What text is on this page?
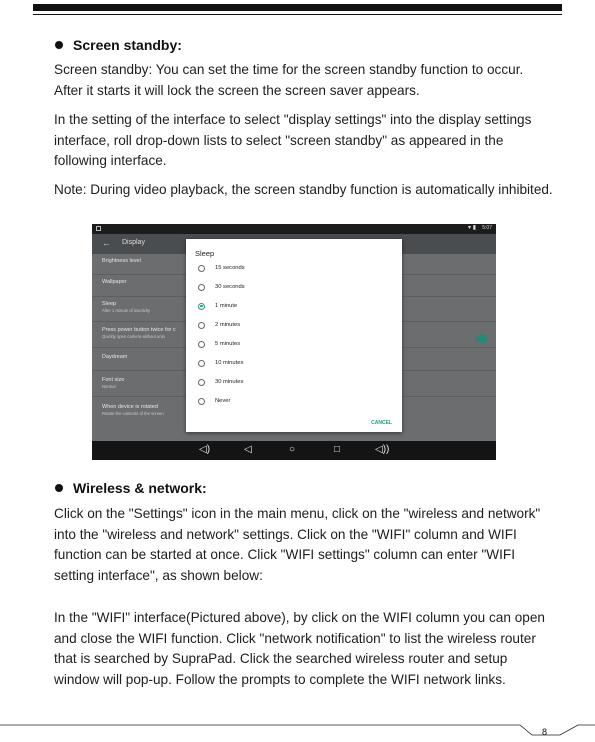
Screen standby:

Screen standby: You can set the time for the screen standby function to occur. After it starts it will lock the screen the screen saver appears.

In the setting of the interface to select "display settings" into the display settings interface, roll drop-down lists to select "screen standby" as appeared in the following interface.

Note: During video playback, the screen standby function is automatically inhibited.

▾ ▮ 5:07
← Display
Brightness level
Wallpaper
Sleep
After 1 minute of inactivity
Press power button twice for c
Quickly open camera without unlo
Daydream
Font size
Normal
When device is rotated
Rotate the contents of the screen
Sleep
15 seconds
30 seconds
1 minute
2 minutes
5 minutes
10 minutes
30 minutes
Never
CANCEL
◁)	◁	○	□	◁))
Wireless & network:

Click on the "Settings" icon in the main menu, click on the "wireless and network" into the "wireless and network" settings. Click on the "WIFI" column and WIFI function can be started at once. Click "WIFI settings" column can enter "WIFI setting interface", as shown below:

In the "WIFI" interface(Pictured above), by click on the WIFI column you can open and close the WIFI function. Click "network notification" to list the wireless router that is searched by SupraPad. Click the searched wireless router and setup window will pop-up. Follow the prompts to complete the WIFI network links.

8
